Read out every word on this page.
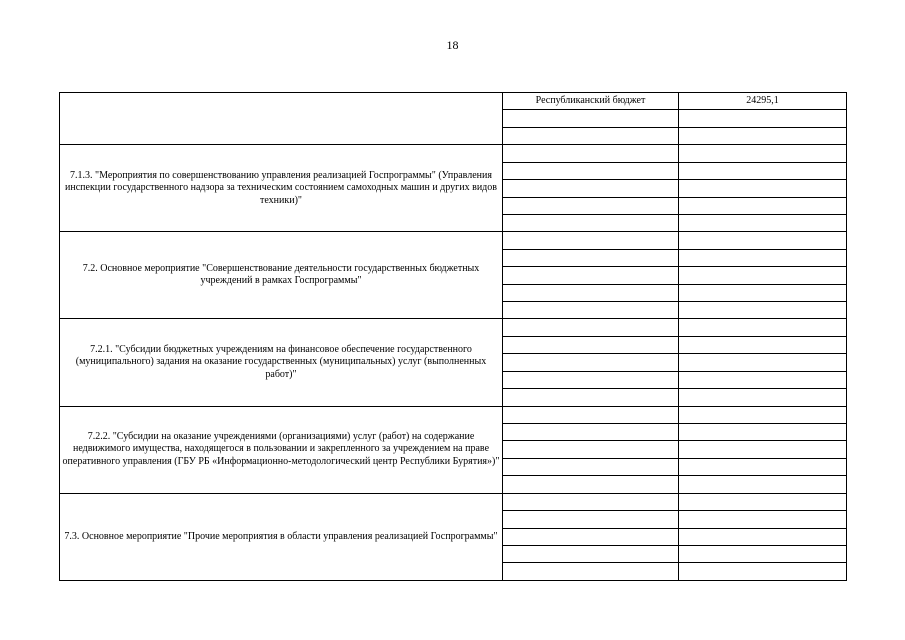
18
	Республиканский бюджет	24295,1

7.1.3. "Мероприятия по совершенствованию управления реализацией Госпрограммы" (Управления инспекции государственного надзора за техническим состоянием самоходных машин и других видов техники)"		

7.2. Основное мероприятие "Совершенствование деятельности государственных бюджетных учреждений в рамках Госпрограммы"		

7.2.1. "Субсидии бюджетных учреждениям на финансовое обеспечение государственного (муниципального) задания на оказание государственных (муниципальных) услуг (выполненных работ)"		

7.2.2. "Субсидии на оказание учреждениями (организациями) услуг (работ) на содержание недвижимого имущества, находящегося в пользовании и закрепленного за учреждением на праве оперативного управления (ГБУ РБ «Информационно-методологический центр Республики Бурятия»)"		

7.3. Основное мероприятие "Прочие мероприятия в области управления реализацией Госпрограммы"		
